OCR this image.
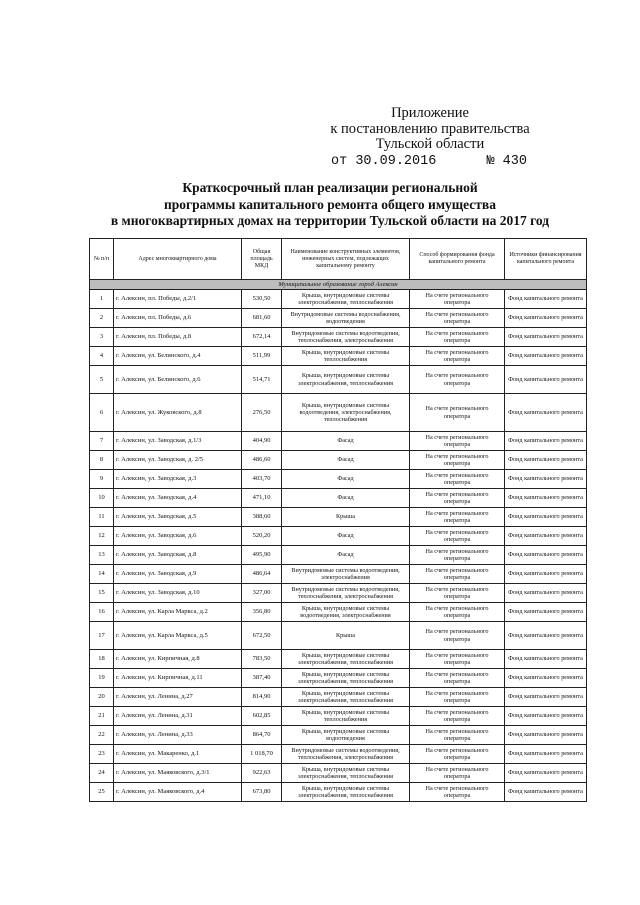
Приложение
к постановлению правительства
Тульской области
от 30.09.2016	№ 430
Краткосрочный план реализации региональной
программы капитального ремонта общего имущества
в многоквартирных домах на территории Тульской области на 2017 год
№ п/п	Адрес многоквартирного дома	Общая площадь МКД	Наименование конструктивных элементов, инженерных систем, подлежащих капитальному ремонту	Способ формирования фонда капитального ремонта	Источники финансирования капитального ремонта
Муниципальное образование город Алексин					
1	г. Алексин, пл. Победы, д.2/1	530,50	Крыша, внутридомовые системы электроснабжения, теплоснабжения	На счете регионального оператора	Фонд капитального ремонта
2	г. Алексин, пл. Победы, д.6	681,60	Внутридомовые системы водоснабжения, водоотведения	На счете регионального оператора	Фонд капитального ремонта
3	г. Алексин, пл. Победы, д.8	672,14	Внутридомовые системы водоотведения, теплоснабжения, электроснабжения	На счете регионального оператора	Фонд капитального ремонта
4	г. Алексин, ул. Белинского, д.4	511,99	Крыша, внутридомовые системы теплоснабжения	На счете регионального оператора	Фонд капитального ремонта
5	г. Алексин, ул. Белинского, д.6	514,71	Крыша, внутридомовые системы электроснабжения, теплоснабжения	На счете регионального оператора	Фонд капитального ремонта
6	г. Алексин, ул. Жуковского, д.8	276,50	Крыша, внутридомовые системы водоотведения, электроснабжения, теплоснабжения	На счете регионального оператора	Фонд капитального ремонта
7	г. Алексин, ул. Заводская, д.1/3	404,90	Фасад	На счете регионального оператора	Фонд капитального ремонта
8	г. Алексин, ул. Заводская, д. 2/5	486,60	Фасад	На счете регионального оператора	Фонд капитального ремонта
9	г. Алексин, ул. Заводская, д.3	403,70	Фасад	На счете регионального оператора	Фонд капитального ремонта
10	г. Алексин, ул. Заводская, д.4	471,10	Фасад	На счете регионального оператора	Фонд капитального ремонта
11	г. Алексин, ул. Заводская, д.5	388,60	Крыша	На счете регионального оператора	Фонд капитального ремонта
12	г. Алексин, ул. Заводская, д.6	520,20	Фасад	На счете регионального оператора	Фонд капитального ремонта
13	г. Алексин, ул. Заводская, д.8	495,90	Фасад	На счете регионального оператора	Фонд капитального ремонта
14	г. Алексин, ул. Заводская, д.9	486,64	Внутридомовые системы водоотведения, электроснабжения	На счете регионального оператора	Фонд капитального ремонта
15	г. Алексин, ул. Заводская, д.10	327,00	Внутридомовые системы водоотведения, теплоснабжения, электроснабжения	На счете регионального оператора	Фонд капитального ремонта
16	г. Алексин, ул. Карла Маркса, д.2	356,80	Крыша, внутридомовые системы водоотведения, электроснабжения	На счете регионального оператора	Фонд капитального ремонта
17	г. Алексин, ул. Карла Маркса, д.5	672,50	Крыша	На счете регионального оператора	Фонд капитального ремонта
18	г. Алексин, ул. Кирпичная, д.8	783,50	Крыша, внутридомовые системы электроснабжения, теплоснабжения	На счете регионального оператора	Фонд капитального ремонта
19	г. Алексин, ул. Кирпичная, д.11	387,40	Крыша, внутридомовые системы электроснабжения, теплоснабжения	На счете регионального оператора	Фонд капитального ремонта
20	г. Алексин, ул. Ленина, д.27	814,90	Крыша, внутридомовые системы электроснабжения, теплоснабжения	На счете регионального оператора	Фонд капитального ремонта
21	г. Алексин, ул. Ленина, д.31	602,85	Крыша, внутридомовые системы теплоснабжения	На счете регионального оператора	Фонд капитального ремонта
22	г. Алексин, ул. Ленина, д.33	864,70	Крыша, внутридомовые системы водоотведения	На счете регионального оператора	Фонд капитального ремонта
23	г. Алексин, ул. Макаренко, д.1	1 018,70	Внутридомовые системы водоотведения, теплоснабжения, электроснабжения	На счете регионального оператора	Фонд капитального ремонта
24	г. Алексин, ул. Маяковского, д.3/1	922,63	Крыша, внутридомовые системы электроснабжения, теплоснабжения	На счете регионального оператора	Фонд капитального ремонта
25	г. Алексин, ул. Маяковского, д.4	673,80	Крыша, внутридомовые системы электроснабжения, теплоснабжения	На счете регионального оператора	Фонд капитального ремонта
